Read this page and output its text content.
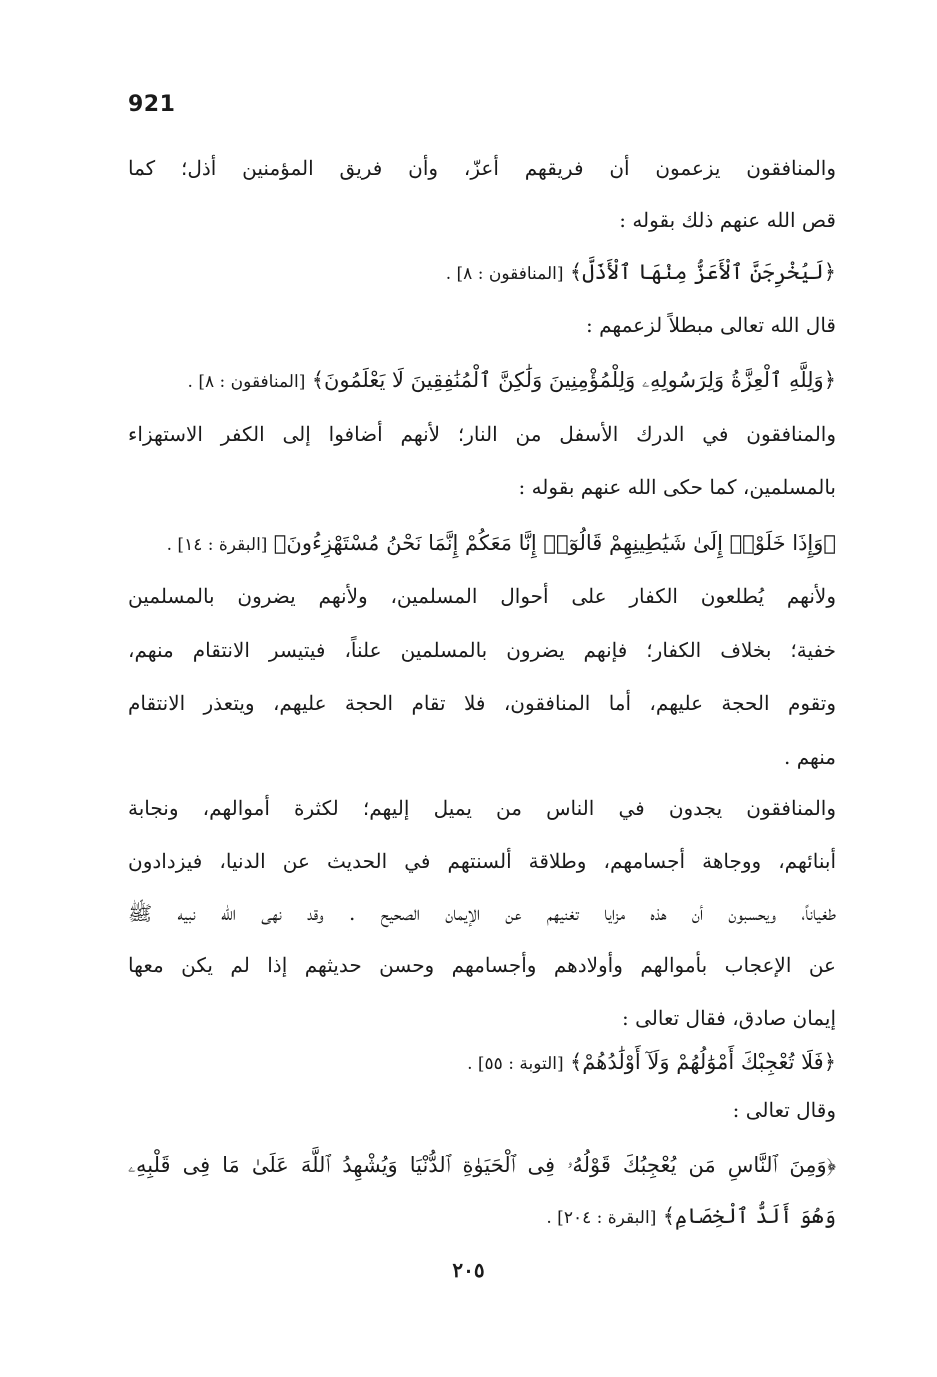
921
والمنافقون يزعمون أن فريقهم أعزّ، وأن فريق المؤمنين أذل؛ كما
قص الله عنهم ذلك بقوله :
﴿لَيُخْرِجَنَّ ٱلْأَعَزُّ مِنْهَا ٱلْأَذَلَّ﴾ [المنافقون : ٨] .
قال الله تعالى مبطلاً لزعمهم :
﴿وَلِلَّهِ ٱلْعِزَّةُ وَلِرَسُولِهِۦ وَلِلْمُؤْمِنِينَ وَلَٰكِنَّ ٱلْمُنَٰفِقِينَ لَا يَعْلَمُونَ﴾ [المنافقون : ٨] .
والمنافقون في الدرك الأسفل من النار؛ لأنهم أضافوا إلى الكفر الاستهزاء
بالمسلمين، كما حكى الله عنهم بقوله :
﴿وَإِذَا خَلَوْا۟ إِلَىٰ شَيَٰطِينِهِمْ قَالُوٓا۟ إِنَّا مَعَكُمْ إِنَّمَا نَحْنُ مُسْتَهْزِءُونَ﴾ [البقرة : ١٤] .
ولأنهم يُطلعون الكفار على أحوال المسلمين، ولأنهم يضرون بالمسلمين
خفية؛ بخلاف الكفار؛ فإنهم يضرون بالمسلمين علناً، فيتيسر الانتقام منهم،
وتقوم الحجة عليهم، أما المنافقون، فلا تقام الحجة عليهم، ويتعذر الانتقام
منهم .
والمنافقون يجدون في الناس من يميل إليهم؛ لكثرة أموالهم، ونجابة
أبنائهم، ووجاهة أجسامهم، وطلاقة ألسنتهم في الحديث عن الدنيا، فيزدادون
طغياناً، ويحسبون أن هذه مزايا تغنيهم عن الإيمان الصحيح . وقد نهى الله نبيه ﷺ
عن الإعجاب بأموالهم وأولادهم وأجسامهم وحسن حديثهم إذا لم يكن معها
إيمان صادق، فقال تعالى :
﴿فَلَا تُعْجِبْكَ أَمْوَٰلُهُمْ وَلَآ أَوْلَٰدُهُمْ﴾ [التوبة : ٥٥] .
وقال تعالى :
﴿وَمِنَ ٱلنَّاسِ مَن يُعْجِبُكَ قَوْلُهُۥ فِى ٱلْحَيَوٰةِ ٱلدُّنْيَا وَيُشْهِدُ ٱللَّهَ عَلَىٰ مَا فِى قَلْبِهِۦ
وَهُوَ أَلَدُّ ٱلْخِصَامِ﴾ [البقرة : ٢٠٤] .
٢٠٥
